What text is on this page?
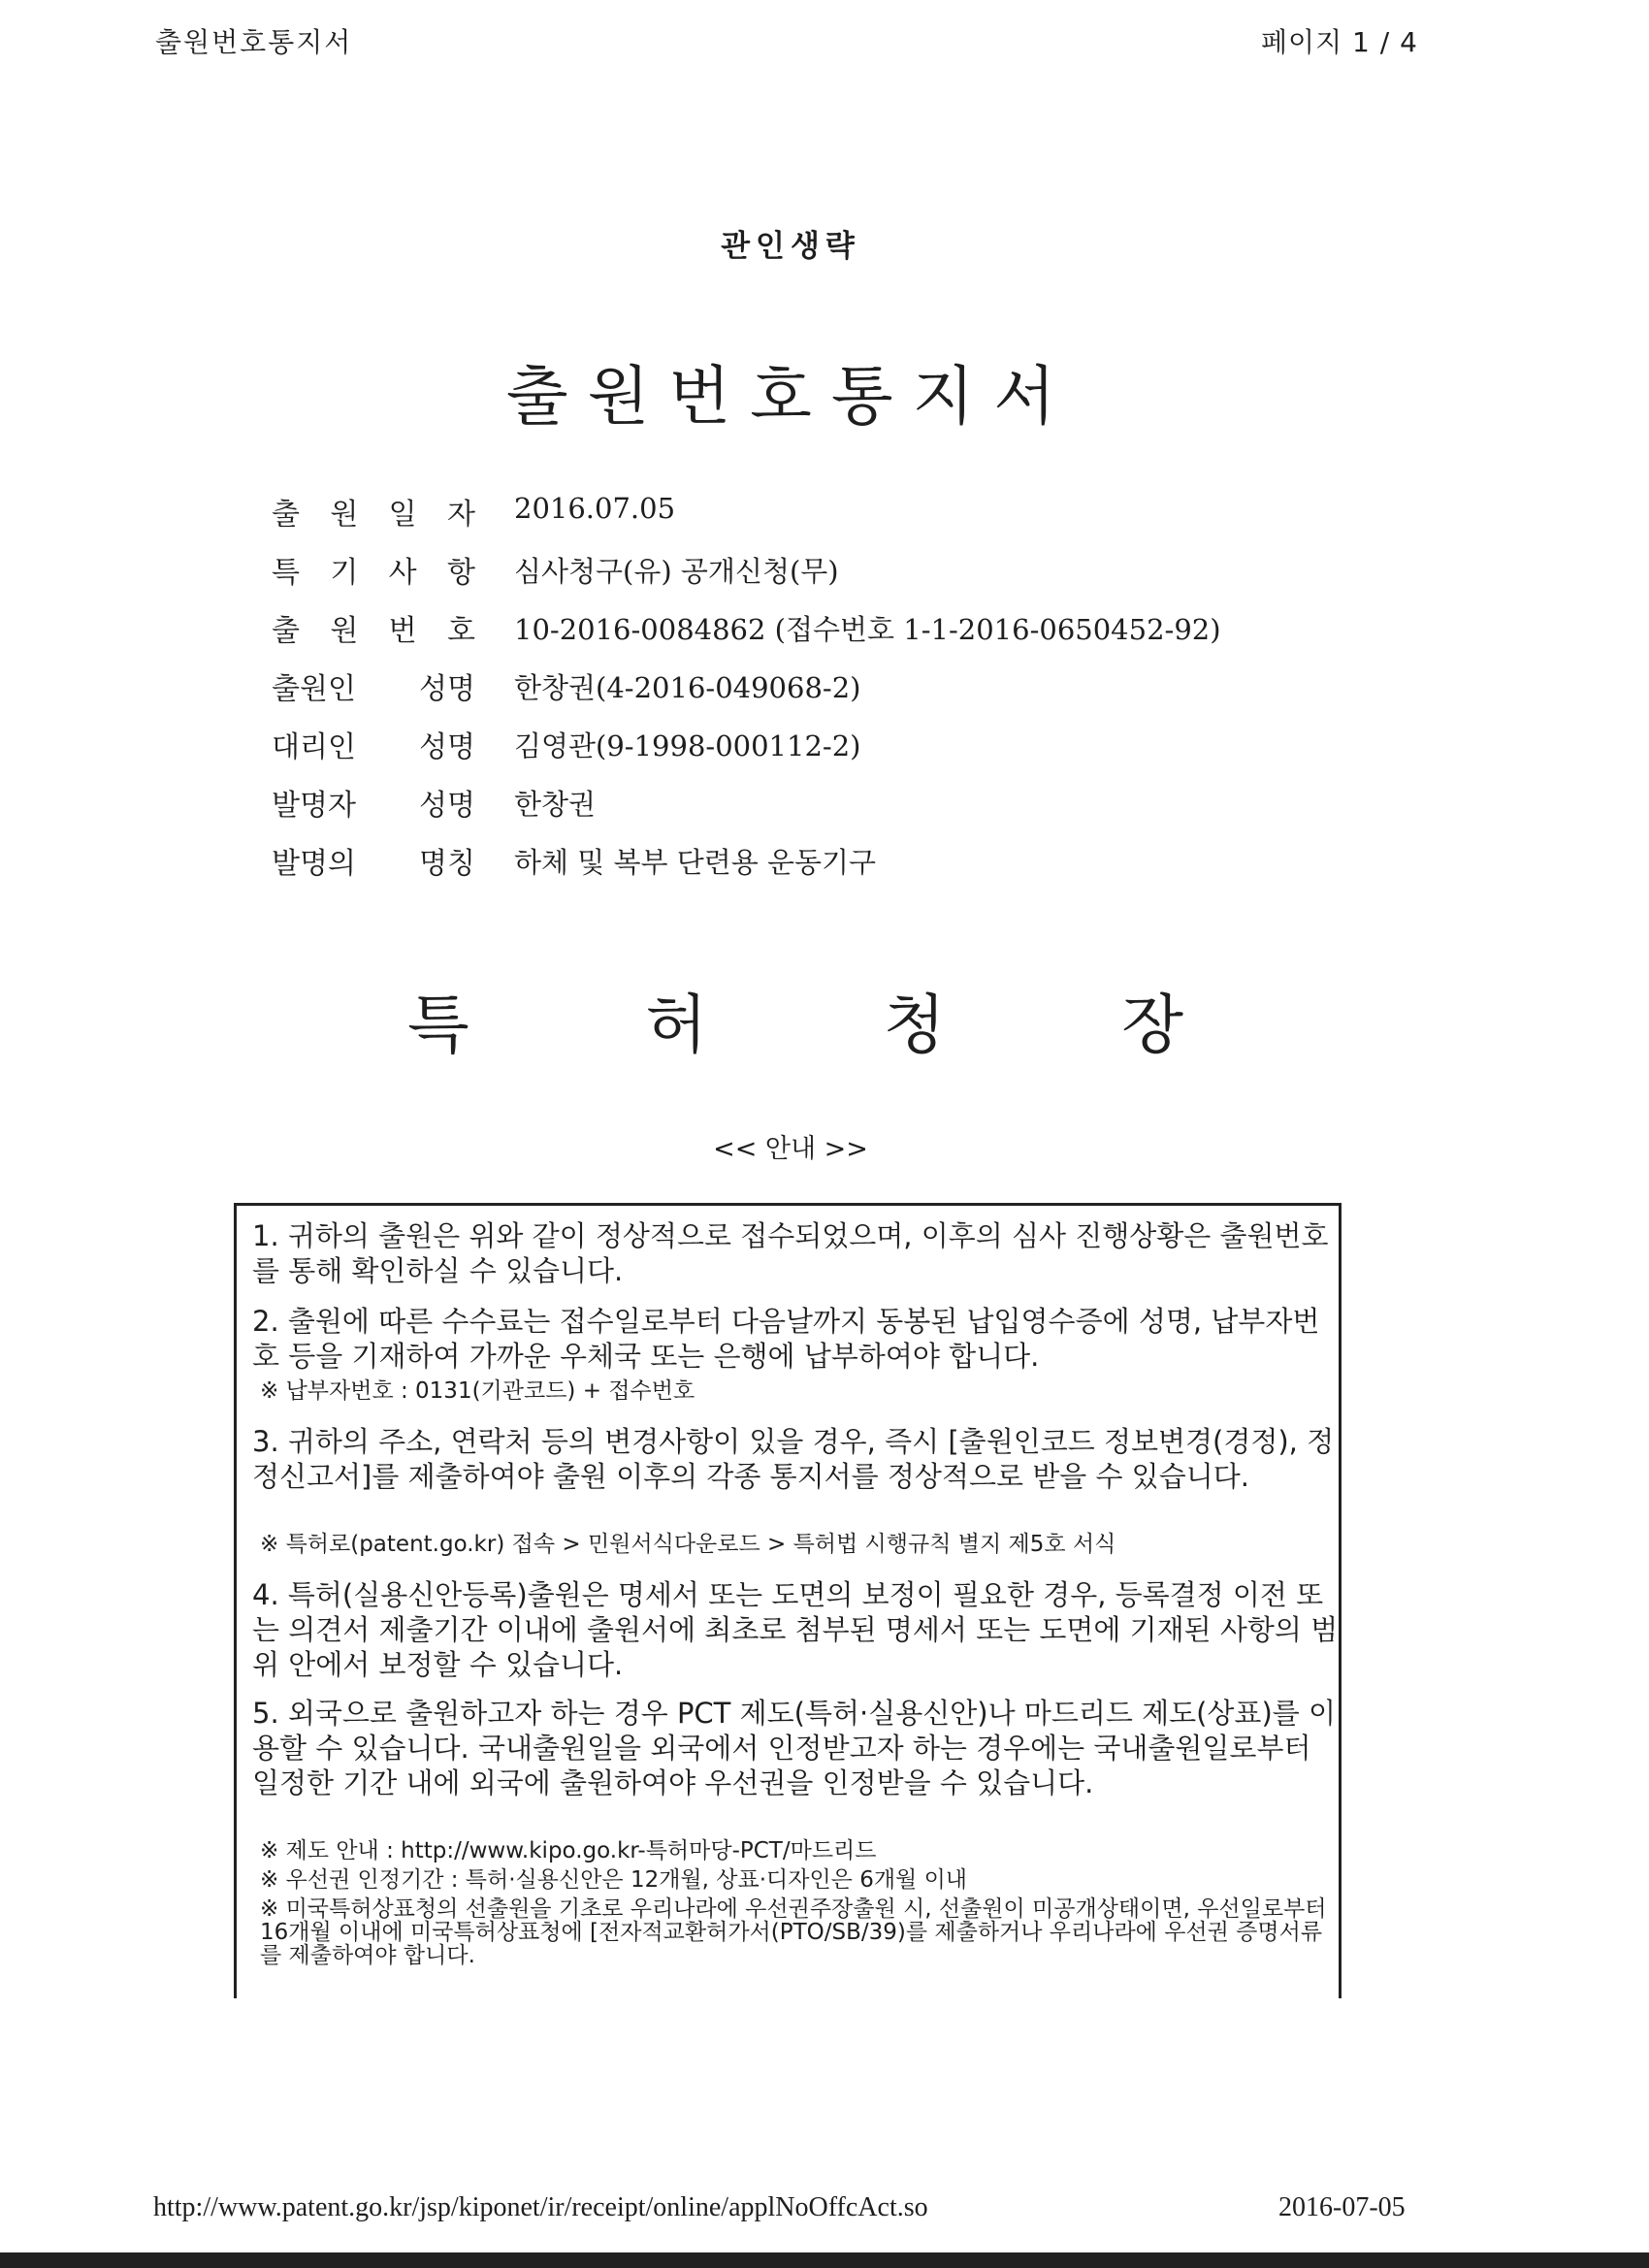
출원번호통지서	페이지 1 / 4
관인생략
출원번호통지서
출 원 일 자 2016.07.05
특 기 사 항 심사청구(유) 공개신청(무)
출 원 번 호 10-2016-0084862 (접수번호 1-1-2016-0650452-92)
출원인 성명 한창권(4-2016-049068-2)
대리인 성명 김영관(9-1998-000112-2)
발명자 성명 한창권
발명의 명칭 하체 및 복부 단련용 운동기구
특	허	청	장
<< 안내 >>

1. 귀하의 출원은 위와 같이 정상적으로 접수되었으며, 이후의 심사 진행상황은 출원번호를 통해 확인하실 수 있습니다.

2. 출원에 따른 수수료는 접수일로부터 다음날까지 동봉된 납입영수증에 성명, 납부자번호 등을 기재하여 가까운 우체국 또는 은행에 납부하여야 합니다.

※ 납부자번호 : 0131(기관코드) + 접수번호

3. 귀하의 주소, 연락처 등의 변경사항이 있을 경우, 즉시 [출원인코드 정보변경(경정), 정정신고서]를 제출하여야 출원 이후의 각종 통지서를 정상적으로 받을 수 있습니다.

※ 특허로(patent.go.kr) 접속 > 민원서식다운로드 > 특허법 시행규칙 별지 제5호 서식

4. 특허(실용신안등록)출원은 명세서 또는 도면의 보정이 필요한 경우, 등록결정 이전 또는 의견서 제출기간 이내에 출원서에 최초로 첨부된 명세서 또는 도면에 기재된 사항의 범위 안에서 보정할 수 있습니다.

5. 외국으로 출원하고자 하는 경우 PCT 제도(특허·실용신안)나 마드리드 제도(상표)를 이용할 수 있습니다. 국내출원일을 외국에서 인정받고자 하는 경우에는 국내출원일로부터 일정한 기간 내에 외국에 출원하여야 우선권을 인정받을 수 있습니다.

※ 제도 안내 : http://www.kipo.go.kr-특허마당-PCT/마드리드

※ 우선권 인정기간 : 특허·실용신안은 12개월, 상표·디자인은 6개월 이내

※ 미국특허상표청의 선출원을 기초로 우리나라에 우선권주장출원 시, 선출원이 미공개상태이면, 우선일로부터 16개월 이내에 미국특허상표청에 [전자적교환허가서(PTO/SB/39)를 제출하거나 우리나라에 우선권 증명서류를 제출하여야 합니다.

http://www.patent.go.kr/jsp/kiponet/ir/receipt/online/applNoOffcAct.so	2016-07-05
